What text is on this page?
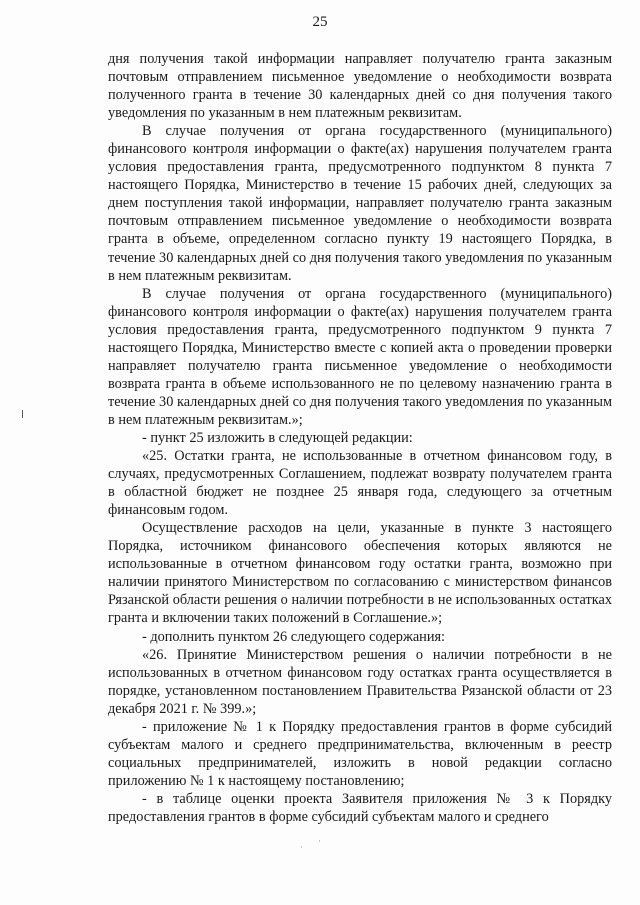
25

дня получения такой информации направляет получателю гранта заказным почтовым отправлением письменное уведомление о необходимости возврата полученного гранта в течение 30 календарных дней со дня получения такого уведомления по указанным в нем платежным реквизитам.

В случае получения от органа государственного (муниципального) финансового контроля информации о факте(ах) нарушения получателем гранта условия предоставления гранта, предусмотренного подпунктом 8 пункта 7 настоящего Порядка, Министерство в течение 15 рабочих дней, следующих за днем поступления такой информации, направляет получателю гранта заказным почтовым отправлением письменное уведомление о необходимости возврата гранта в объеме, определенном согласно пункту 19 настоящего Порядка, в течение 30 календарных дней со дня получения такого уведомления по указанным в нем платежным реквизитам.

В случае получения от органа государственного (муниципального) финансового контроля информации о факте(ах) нарушения получателем гранта условия предоставления гранта, предусмотренного подпунктом 9 пункта 7 настоящего Порядка, Министерство вместе с копией акта о проведении проверки направляет получателю гранта письменное уведомление о необходимости возврата гранта в объеме использованного не по целевому назначению гранта в течение 30 календарных дней со дня получения такого уведомления по указанным в нем платежным реквизитам.»;

- пункт 25 изложить в следующей редакции:

«25. Остатки гранта, не использованные в отчетном финансовом году, в случаях, предусмотренных Соглашением, подлежат возврату получателем гранта в областной бюджет не позднее 25 января года, следующего за отчетным финансовым годом.

Осуществление расходов на цели, указанные в пункте 3 настоящего Порядка, источником финансового обеспечения которых являются не использованные в отчетном финансовом году остатки гранта, возможно при наличии принятого Министерством по согласованию с министерством финансов Рязанской области решения о наличии потребности в не использованных остатках гранта и включении таких положений в Соглашение.»;

- дополнить пунктом 26 следующего содержания:

«26. Принятие Министерством решения о наличии потребности в не использованных в отчетном финансовом году остатках гранта осуществляется в порядке, установленном постановлением Правительства Рязанской области от 23 декабря 2021 г. № 399.»;

- приложение № 1 к Порядку предоставления грантов в форме субсидий субъектам малого и среднего предпринимательства, включенным в реестр социальных предпринимателей, изложить в новой редакции согласно приложению № 1 к настоящему постановлению;

- в таблице оценки проекта Заявителя приложения № 3 к Порядку предоставления грантов в форме субсидий субъектам малого и среднего

·
·
